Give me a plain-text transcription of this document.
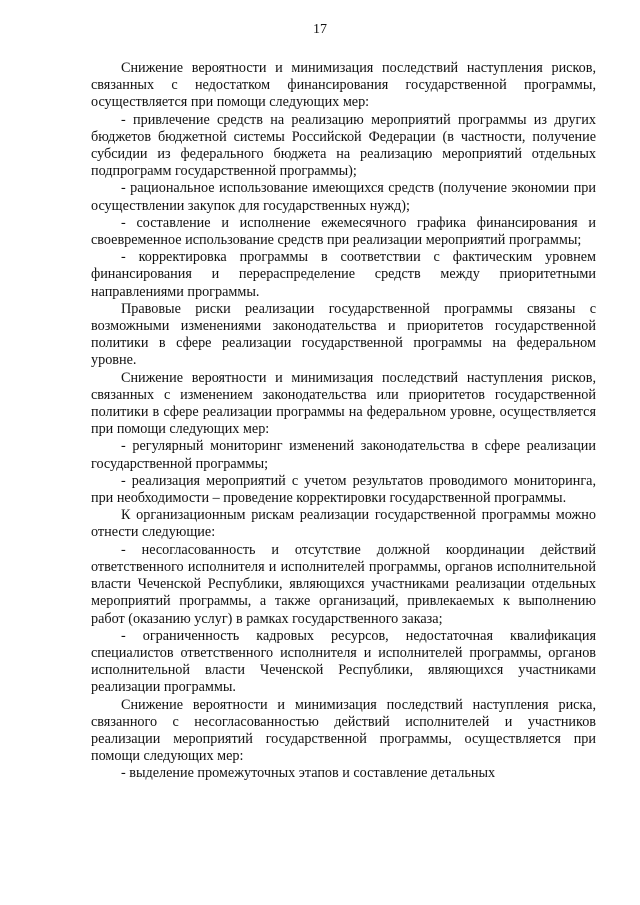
17

Снижение вероятности и минимизация последствий наступления рисков, связанных с недостатком финансирования государственной программы, осуществляется при помощи следующих мер:

- привлечение средств на реализацию мероприятий программы из других бюджетов бюджетной системы Российской Федерации (в частности, получение субсидии из федерального бюджета на реализацию мероприятий отдельных подпрограмм государственной программы);

- рациональное использование имеющихся средств (получение экономии при осуществлении закупок для государственных нужд);

- составление и исполнение ежемесячного графика финансирования и своевременное использование средств при реализации мероприятий программы;

- корректировка программы в соответствии с фактическим уровнем финансирования и перераспределение средств между приоритетными направлениями программы.

Правовые риски реализации государственной программы связаны с возможными изменениями законодательства и приоритетов государственной политики в сфере реализации государственной программы на федеральном уровне.

Снижение вероятности и минимизация последствий наступления рисков, связанных с изменением законодательства или приоритетов государственной политики в сфере реализации программы на федеральном уровне, осуществляется при помощи следующих мер:

- регулярный мониторинг изменений законодательства в сфере реализации государственной программы;

- реализация мероприятий с учетом результатов проводимого мониторинга, при необходимости – проведение корректировки государственной программы.

К организационным рискам реализации государственной программы можно отнести следующие:

- несогласованность и отсутствие должной координации действий ответственного исполнителя и исполнителей программы, органов исполнительной власти Чеченской Республики, являющихся участниками реализации отдельных мероприятий программы, а также организаций, привлекаемых к выполнению работ (оказанию услуг) в рамках государственного заказа;

- ограниченность кадровых ресурсов, недостаточная квалификация специалистов ответственного исполнителя и исполнителей программы, органов исполнительной власти Чеченской Республики, являющихся участниками реализации программы.

Снижение вероятности и минимизация последствий наступления риска, связанного с несогласованностью действий исполнителей и участников реализации мероприятий государственной программы, осуществляется при помощи следующих мер:

- выделение промежуточных этапов и составление детальных
